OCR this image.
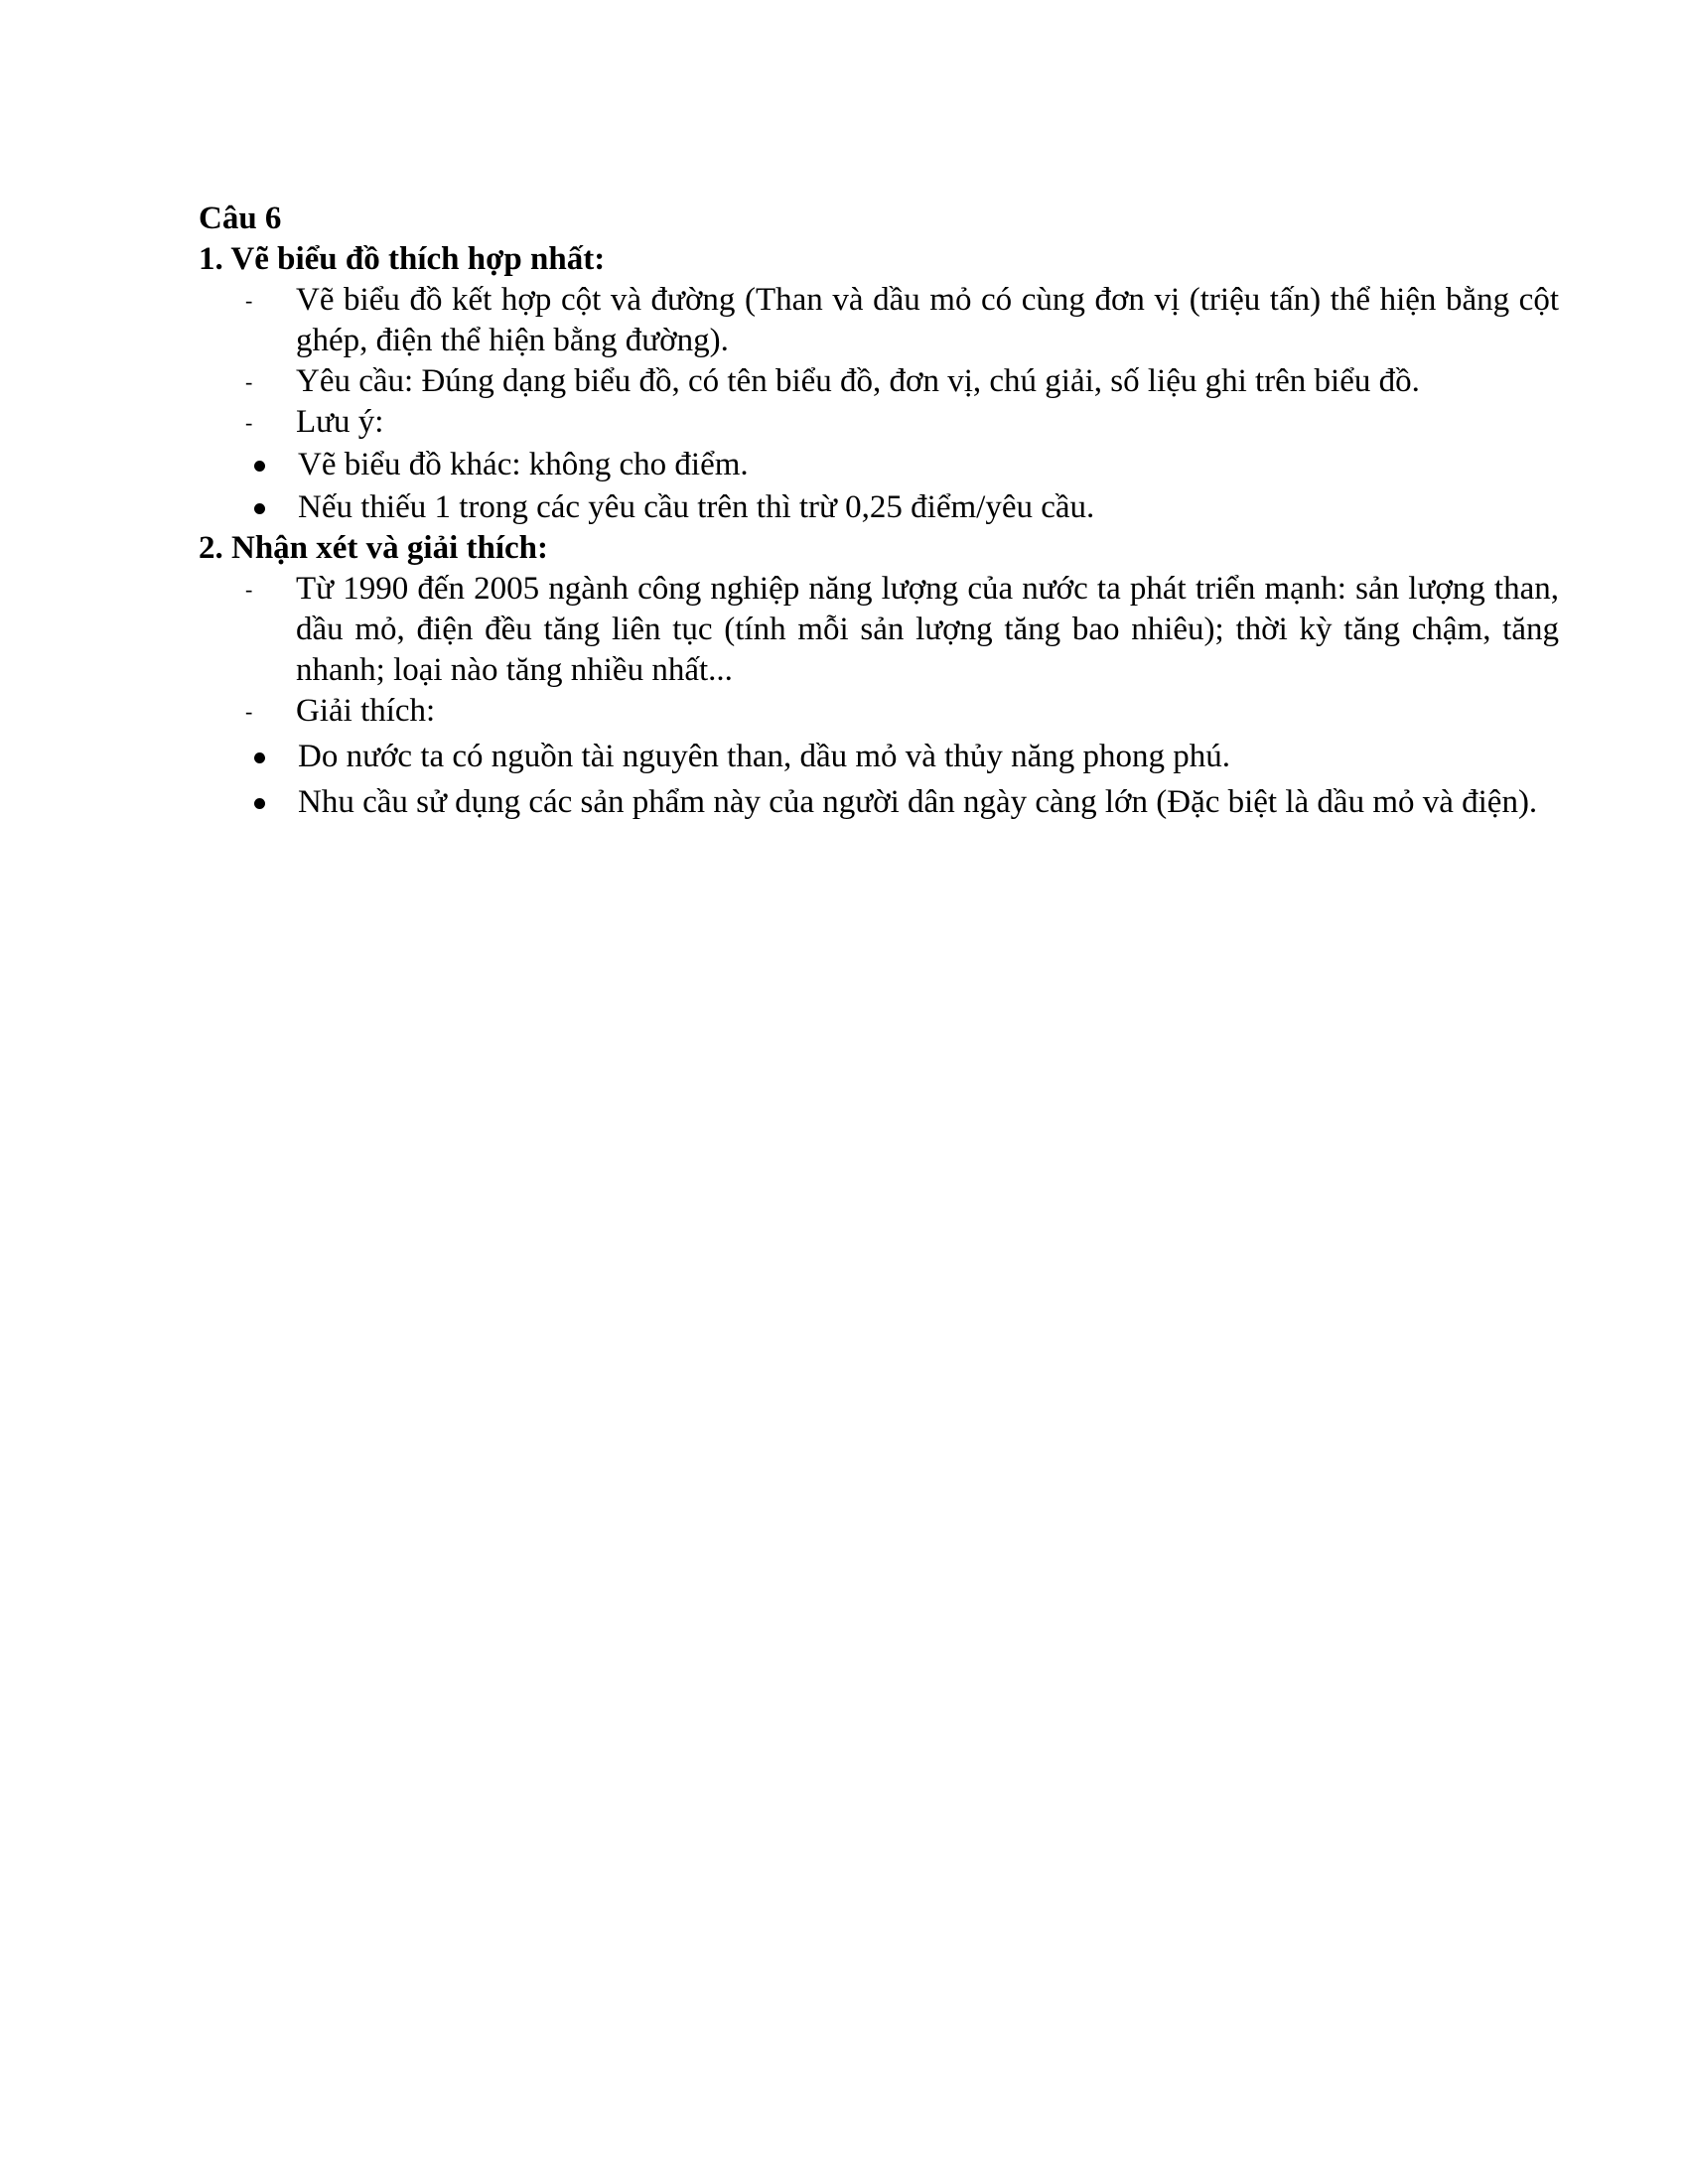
Câu 6

1. Vẽ biểu đồ thích hợp nhất:

- Vẽ biểu đồ kết hợp cột và đường (Than và dầu mỏ có cùng đơn vị (triệu tấn) thể hiện bằng cột ghép, điện thể hiện bằng đường).
- Yêu cầu: Đúng dạng biểu đồ, có tên biểu đồ, đơn vị, chú giải, số liệu ghi trên biểu đồ.
- Lưu ý:
Vẽ biểu đồ khác: không cho điểm.
Nếu thiếu 1 trong các yêu cầu trên thì trừ 0,25 điểm/yêu cầu.

2. Nhận xét và giải thích:

- Từ 1990 đến 2005 ngành công nghiệp năng lượng của nước ta phát triển mạnh: sản lượng than, dầu mỏ, điện đều tăng liên tục (tính mỗi sản lượng tăng bao nhiêu); thời kỳ tăng chậm, tăng nhanh; loại nào tăng nhiều nhất...
- Giải thích:
Do nước ta có nguồn tài nguyên than, dầu mỏ và thủy năng phong phú.
Nhu cầu sử dụng các sản phẩm này của người dân ngày càng lớn (Đặc biệt là dầu mỏ và điện).
